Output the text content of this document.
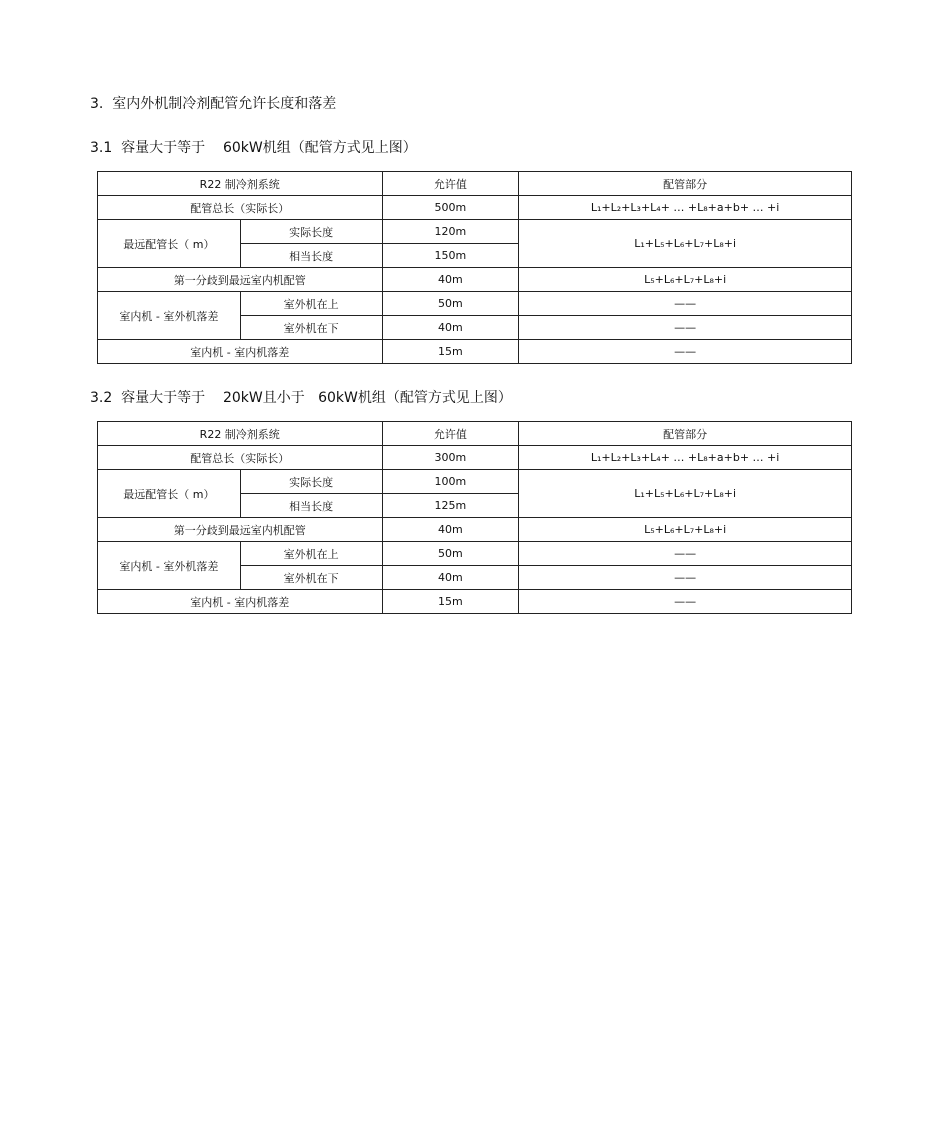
3.  室内外机制冷剂配管允许长度和落差
3.1  容量大于等于    60kW机组（配管方式见上图）
R22 制冷剂系统		允许值	配管部分
配管总长（实际长）		500m	L₁+L₂+L₃+L₄+ … +L₈+a+b+ … +i
最远配管长（ m）	实际长度	120m	L₁+L₅+L₆+L₇+L₈+i
	相当长度	150m	
第一分歧到最远室内机配管		40m	L₅+L₆+L₇+L₈+i
室内机 - 室外机落差	室外机在上	50m	——
	室外机在下	40m	——
室内机 - 室内机落差		15m	——
3.2  容量大于等于    20kW且小于   60kW机组（配管方式见上图）
R22 制冷剂系统		允许值	配管部分
配管总长（实际长）		300m	L₁+L₂+L₃+L₄+ … +L₈+a+b+ … +i
最远配管长（ m）	实际长度	100m	L₁+L₅+L₆+L₇+L₈+i
	相当长度	125m	
第一分歧到最远室内机配管		40m	L₅+L₆+L₇+L₈+i
室内机 - 室外机落差	室外机在上	50m	——
	室外机在下	40m	——
室内机 - 室内机落差		15m	——
